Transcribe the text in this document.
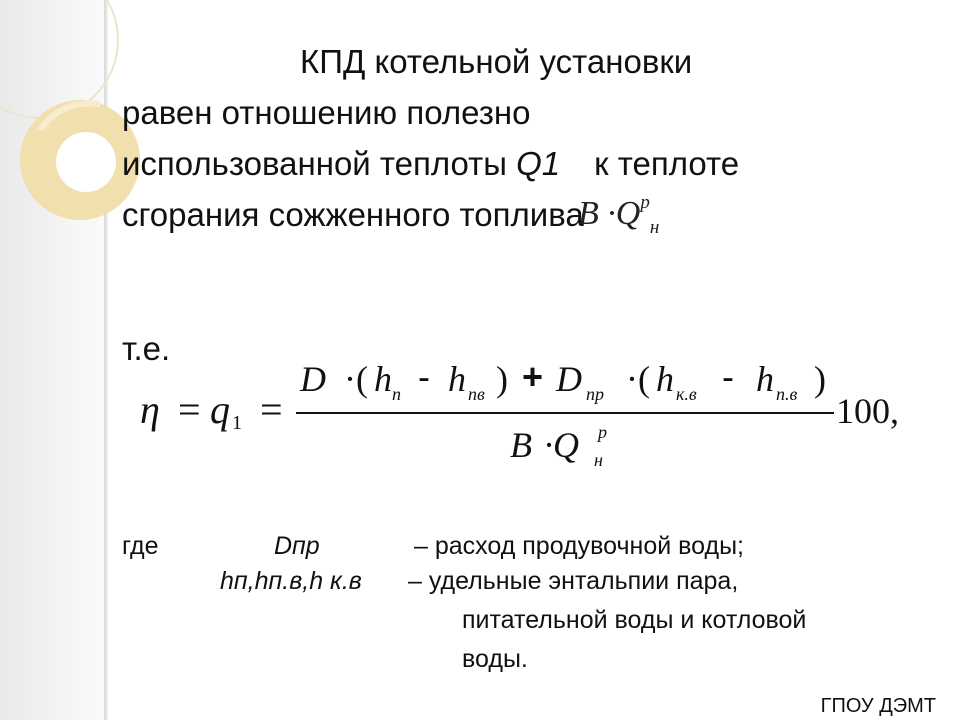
КПД котельной установки
равен отношению полезно
использованной теплоты Q1 к теплоте
сгорания сожженного топлива
$B \cdot Q^р_н$
т.е.
η = q 1 =
D ·( h п - h пв ) + D пр ·( h к.в - h п.в )
100,
B ·Q н
p
где	Dпр	– расход продувочной воды;
hп,hп.в,h к.в – удельные энтальпии пара,
питательной воды и котловой
воды.
ГПОУ ДЭМТ
